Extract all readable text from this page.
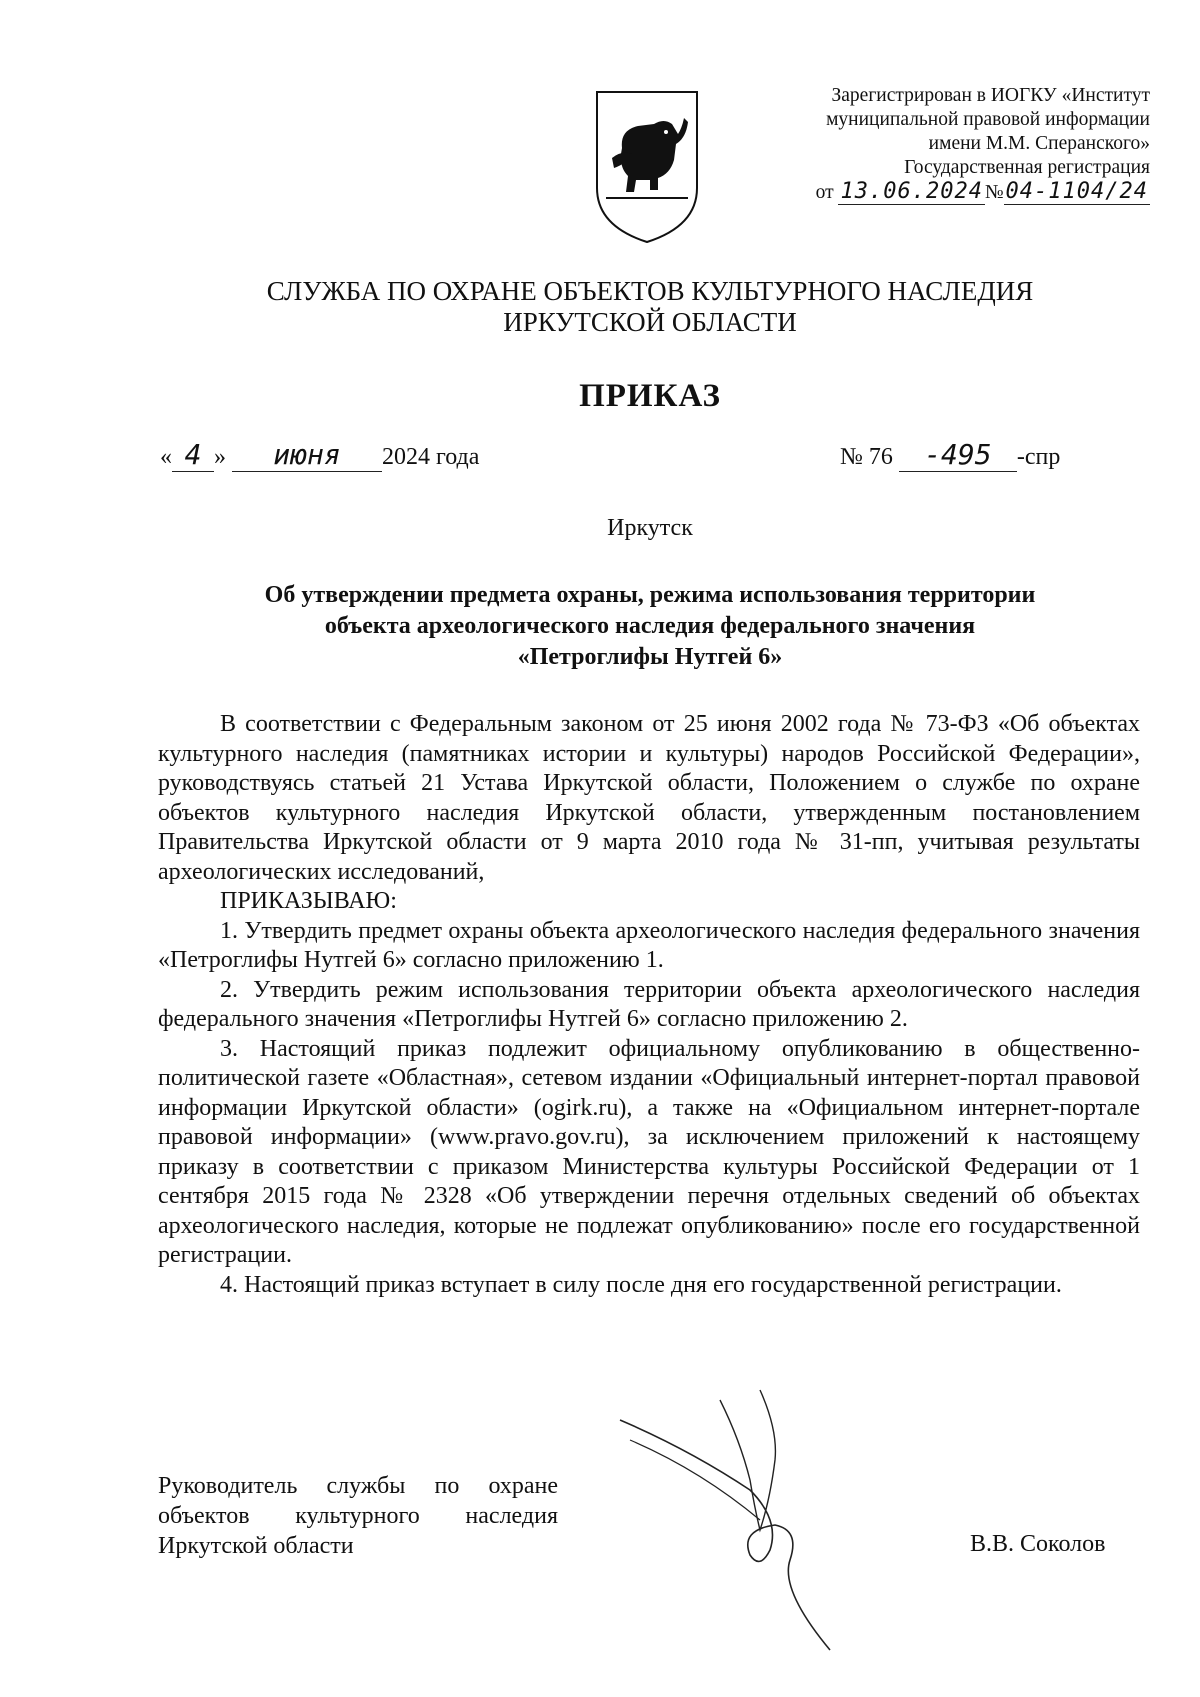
Зарегистрирован в ИОГКУ «Институт
муниципальной правовой информации
имени М.М. Сперанского»
Государственная регистрация
от 13.06.2024 №04-1104/24
СЛУЖБА ПО ОХРАНЕ ОБЪЕКТОВ КУЛЬТУРНОГО НАСЛЕДИЯ
ИРКУТСКОЙ ОБЛАСТИ
ПРИКАЗ
« 4 » июня 2024 года	№ 76 -495 -спр
Иркутск
Об утверждении предмета охраны, режима использования территории
объекта археологического наследия федерального значения
«Петроглифы Нутгей 6»

В соответствии с Федеральным законом от 25 июня 2002 года № 73-ФЗ «Об объектах культурного наследия (памятниках истории и культуры) народов Российской Федерации», руководствуясь статьей 21 Устава Иркутской области, Положением о службе по охране объектов культурного наследия Иркутской области, утвержденным постановлением Правительства Иркутской области от 9 марта 2010 года № 31-пп, учитывая результаты археологических исследований,

ПРИКАЗЫВАЮ:

1. Утвердить предмет охраны объекта археологического наследия федерального значения «Петроглифы Нутгей 6» согласно приложению 1.

2. Утвердить режим использования территории объекта археологического наследия федерального значения «Петроглифы Нутгей 6» согласно приложению 2.

3. Настоящий приказ подлежит официальному опубликованию в общественно-политической газете «Областная», сетевом издании «Официальный интернет-портал правовой информации Иркутской области» (ogirk.ru), а также на «Официальном интернет-портале правовой информации» (www.pravo.gov.ru), за исключением приложений к настоящему приказу в соответствии с приказом Министерства культуры Российской Федерации от 1 сентября 2015 года № 2328 «Об утверждении перечня отдельных сведений об объектах археологического наследия, которые не подлежат опубликованию» после его государственной регистрации.

4. Настоящий приказ вступает в силу после дня его государственной регистрации.

Руководитель службы по охране
объектов культурного наследия
Иркутской области	В.В. Соколов
